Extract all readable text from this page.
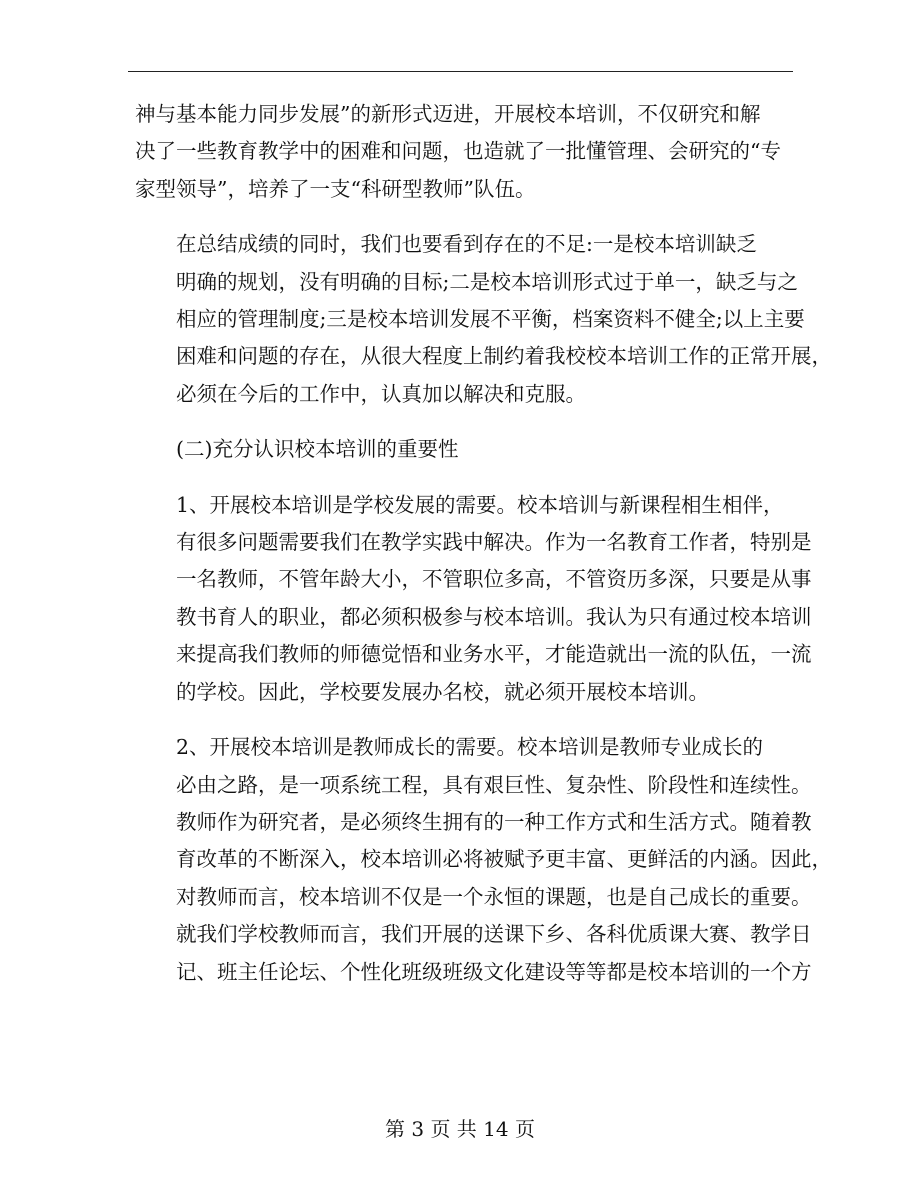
神与基本能力同步发展”的新形式迈进，开展校本培训，不仅研究和解
决了一些教育教学中的困难和问题，也造就了一批懂管理、会研究的“专
家型领导”，培养了一支“科研型教师”队伍。

在总结成绩的同时，我们也要看到存在的不足:一是校本培训缺乏
明确的规划，没有明确的目标;二是校本培训形式过于单一，缺乏与之
相应的管理制度;三是校本培训发展不平衡，档案资料不健全;以上主要
困难和问题的存在，从很大程度上制约着我校校本培训工作的正常开展，
必须在今后的工作中，认真加以解决和克服。

(二)充分认识校本培训的重要性

1、开展校本培训是学校发展的需要。校本培训与新课程相生相伴，
有很多问题需要我们在教学实践中解决。作为一名教育工作者，特别是
一名教师，不管年龄大小，不管职位多高，不管资历多深，只要是从事
教书育人的职业，都必须积极参与校本培训。我认为只有通过校本培训
来提高我们教师的师德觉悟和业务水平，才能造就出一流的队伍，一流
的学校。因此，学校要发展办名校，就必须开展校本培训。

2、开展校本培训是教师成长的需要。校本培训是教师专业成长的
必由之路，是一项系统工程，具有艰巨性、复杂性、阶段性和连续性。
教师作为研究者，是必须终生拥有的一种工作方式和生活方式。随着教
育改革的不断深入，校本培训必将被赋予更丰富、更鲜活的内涵。因此，
对教师而言，校本培训不仅是一个永恒的课题，也是自己成长的重要。
就我们学校教师而言，我们开展的送课下乡、各科优质课大赛、教学日
记、班主任论坛、个性化班级班级文化建设等等都是校本培训的一个方

第 3 页 共 14 页
